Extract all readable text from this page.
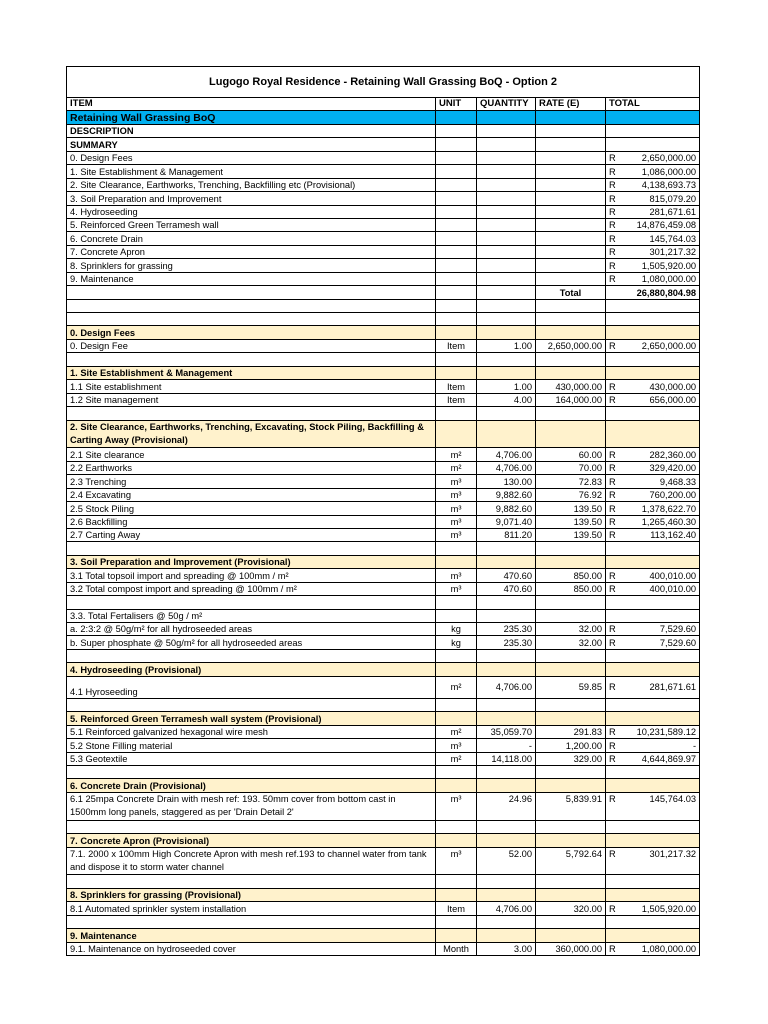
Lugogo Royal Residence - Retaining Wall Grassing BoQ - Option 2				
ITEM	UNIT	QUANTITY	RATE (E)	TOTAL
Retaining Wall Grassing BoQ				
DESCRIPTION				
SUMMARY				
0. Design Fees				R 2,650,000.00

1. Site Establishment & Management				R 1,086,000.00

2. Site Clearance, Earthworks, Trenching, Backfilling etc (Provisional)				R 4,138,693.73

3. Soil Preparation and Improvement				R 815,079.20

4. Hydroseeding				R 281,671.61

5. Reinforced Green Terramesh wall				R 14,876,459.08

6. Concrete Drain				R 145,764.03

7. Concrete Apron				R 301,217.32

8. Sprinklers for grassing				R 1,505,920.00

9. Maintenance				R 1,080,000.00

			Total	26,880,804.98

0. Design Fees				
0. Design Fee	Item	1.00	2,650,000.00	R 2,650,000.00

1. Site Establishment & Management				
1.1 Site establishment	Item	1.00	430,000.00	R 430,000.00

1.2 Site management	Item	4.00	164,000.00	R 656,000.00

2. Site Clearance, Earthworks, Trenching, Excavating, Stock Piling, Backfilling & Carting Away (Provisional)				
2.1 Site clearance	m²	4,706.00	60.00	R 282,360.00

2.2 Earthworks	m²	4,706.00	70.00	R 329,420.00

2.3 Trenching	m³	130.00	72.83	R 9,468.33

2.4 Excavating	m³	9,882.60	76.92	R 760,200.00

2.5 Stock Piling	m³	9,882.60	139.50	R 1,378,622.70

2.6 Backfilling	m³	9,071.40	139.50	R 1,265,460.30

2.7 Carting Away	m³	811.20	139.50	R 113,162.40

3. Soil Preparation and Improvement (Provisional)				
3.1 Total topsoil import and spreading @ 100mm / m²	m³	470.60	850.00	R 400,010.00

3.2 Total compost import and spreading @ 100mm / m²	m³	470.60	850.00	R 400,010.00

3.3. Total Fertalisers @ 50g / m²				

a. 2:3:2 @ 50g/m² for all hydroseeded areas	kg	235.30	32.00	R 7,529.60

b. Super phosphate @ 50g/m² for all hydroseeded areas	kg	235.30	32.00	R 7,529.60

4. Hydroseeding (Provisional)				
4.1 Hyroseeding	m²	4,706.00	59.85	R 281,671.61

5. Reinforced Green Terramesh wall system (Provisional)				
5.1 Reinforced galvanized hexagonal wire mesh	m²	35,059.70	291.83	R 10,231,589.12

5.2 Stone Filling material	m³	-	1,200.00	R -

5.3 Geotextile	m²	14,118.00	329.00	R 4,644,869.97

6. Concrete Drain (Provisional)				
6.1 25mpa Concrete Drain with mesh ref: 193. 50mm cover from bottom cast in 1500mm long panels, staggered as per 'Drain Detail 2'	m³	24.96	5,839.91	R 145,764.03

7. Concrete Apron (Provisional)				
7.1. 2000 x 100mm High Concrete Apron with mesh ref.193 to channel water from tank and dispose it to storm water channel	m³	52.00	5,792.64	R 301,217.32

8. Sprinklers for grassing (Provisional)				
8.1 Automated sprinkler system installation	Item	4,706.00	320.00	R 1,505,920.00

9. Maintenance				
9.1. Maintenance on hydroseeded cover	Month	3.00	360,000.00	R 1,080,000.00
